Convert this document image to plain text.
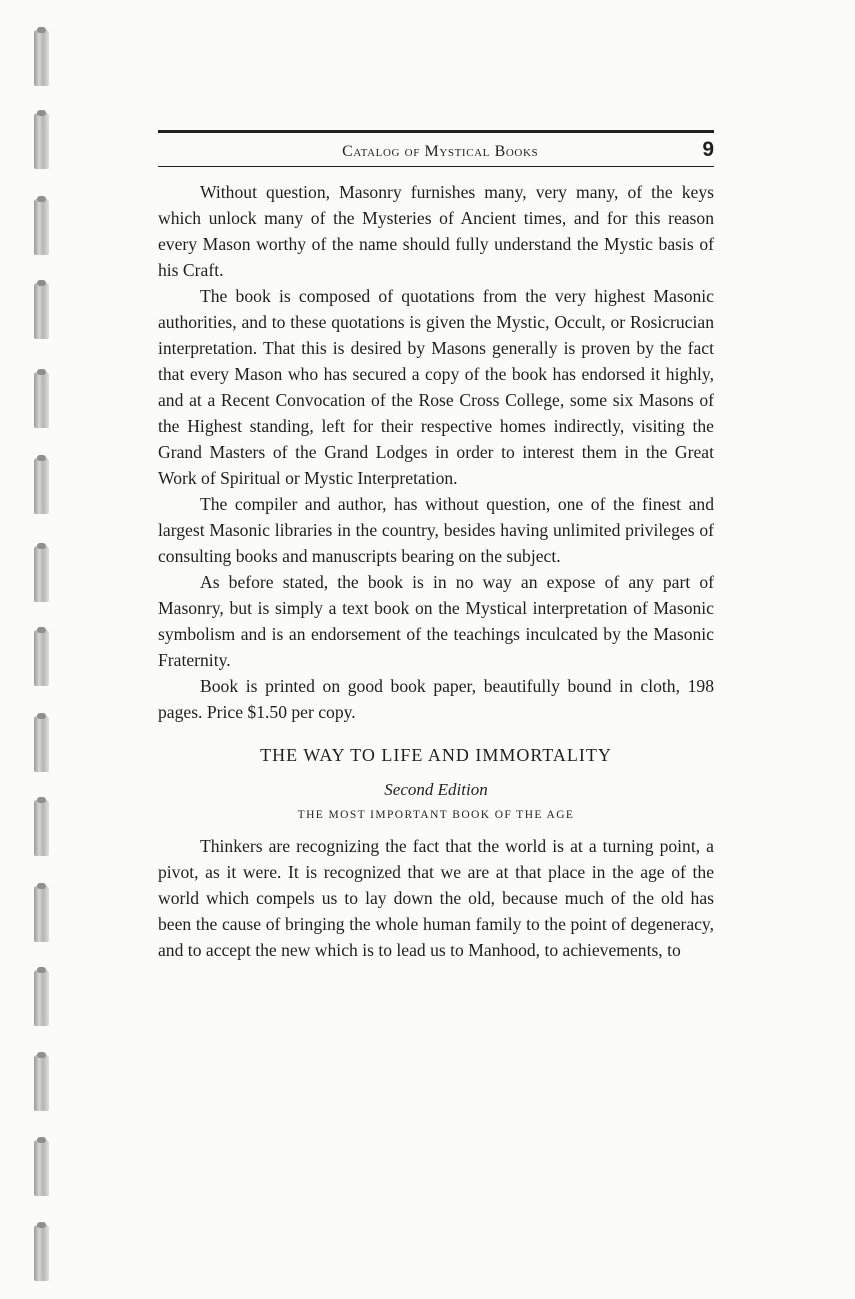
Catalog of Mystical Books	9

Without question, Masonry furnishes many, very many, of the keys which unlock many of the Mysteries of Ancient times, and for this reason every Mason worthy of the name should fully understand the Mystic basis of his Craft.

The book is composed of quotations from the very highest Masonic authorities, and to these quotations is given the Mystic, Occult, or Rosicrucian interpretation. That this is desired by Masons generally is proven by the fact that every Mason who has secured a copy of the book has endorsed it highly, and at a Recent Convocation of the Rose Cross College, some six Masons of the Highest standing, left for their respective homes indirectly, visiting the Grand Masters of the Grand Lodges in order to interest them in the Great Work of Spiritual or Mystic Interpretation.

The compiler and author, has without question, one of the finest and largest Masonic libraries in the country, besides having unlimited privileges of consulting books and manuscripts bearing on the subject.

As before stated, the book is in no way an expose of any part of Masonry, but is simply a text book on the Mystical interpretation of Masonic symbolism and is an endorsement of the teachings inculcated by the Masonic Fraternity.

Book is printed on good book paper, beautifully bound in cloth, 198 pages. Price $1.50 per copy.

THE WAY TO LIFE AND IMMORTALITY
Second Edition
THE MOST IMPORTANT BOOK OF THE AGE

Thinkers are recognizing the fact that the world is at a turning point, a pivot, as it were. It is recognized that we are at that place in the age of the world which compels us to lay down the old, because much of the old has been the cause of bringing the whole human family to the point of degeneracy, and to accept the new which is to lead us to Manhood, to achievements, to
